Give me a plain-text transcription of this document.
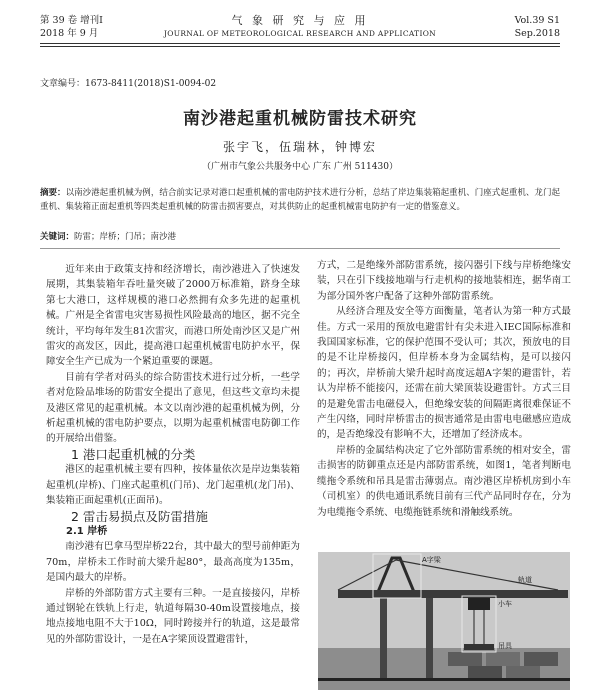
第 39 卷 增刊Ⅰ
2018 年 9 月
气 象 研 究 与 应 用
JOURNAL OF METEOROLOGICAL RESEARCH AND APPLICATION
Vol.39 S1
Sep.2018
文章编号：1673-8411(2018)S1-0094-02
南沙港起重机械防雷技术研究
张宇飞，伍瑞林，钟博宏
（广州市气象公共服务中心 广东 广州 511430）
摘要：以南沙港起重机械为例，结合前实记录对港口起重机械的雷电防护技术进行分析，总结了岸边集装箱起重机、门座式起重机、龙门起重机、集装箱正面起重机等四类起重机械的防雷击损害要点，对其供防止的起重机械雷电防护有一定的借鉴意义。
关键词：防雷；岸桥；门吊；南沙港

近年来由于政策支持和经济增长，南沙港进入了快速发展期，其集装箱年吞吐量突破了2000万标准箱，跻身全球第七大港口，这样规模的港口必然拥有众多先进的起重机械。广州是全省雷电灾害易损性风险最高的地区，据不完全统计，平均每年发生81次雷灾，而港口所处南沙区又是广州雷灾的高发区，因此，提高港口起重机械雷电防护水平，保障安全生产已成为一个紧迫重要的课题。

目前有学者对码头的综合防雷技术进行过分析，一些学者对危险品堆场的防雷安全提出了意见，但这些文章均未提及港区常见的起重机械。本文以南沙港的起重机械为例，分析起重机械的雷电防护要点，以期为起重机械雷电防御工作的开展给出借鉴。

1 港口起重机械的分类

港区的起重机械主要有四种，按体量依次是岸边集装箱起重机(岸桥)、门座式起重机(门吊)、龙门起重机(龙门吊)、集装箱正面起重机(正面吊)。

2 雷击易损点及防雷措施

2.1 岸桥

南沙港有巴拿马型岸桥22台，其中最大的型号前伸距为70m，岸桥未工作时前大梁升起80°，最高高度为135m，是国内最大的岸桥。

岸桥的外部防雷方式主要有三种。一是直接接闪，岸桥通过钢轮在铁轨上行走，轨道每隔30-40m设置接地点，接地点接地电阻不大于10Ω，同时跨接并行的轨道，这是最常见的外部防雷设计，一是在A字梁顶设置避雷针，

方式，二是绝缘外部防雷系统，接闪器引下线与岸桥绝缘安装，只在引下线接地端与行走机构的接地装相连，据华南工为部分国外客户配备了这种外部防雷系统。

从经济合理及安全等方面衡量，笔者认为第一种方式最佳。方式一采用的预放电避雷针有尖未进入IEC国际标准和我国国家标准，它的保护范围不受认可；其次，预放电的目的是不让岸桥接闪，但岸桥本身为金属结构，是可以接闪的；再次，岸桥前大梁升起时高度远超A字架的避雷针，若认为岸桥不能接闪，还需在前大梁顶装设避雷针。方式三目的是避免雷击电磁侵入，但绝缘安装的间隔距离很难保证不产生闪络，同时岸桥雷击的损害通常是由雷电电磁感应造成的，是否绝缘没有影响不大，还增加了经济成本。

岸桥的金属结构决定了它外部防雷系统的相对安全，雷击损害的防御重点还是内部防雷系统，如图1，笔者判断电缆拖令系统和吊具是雷击薄弱点。南沙港区岸桥机房到小车（司机室）的供电通讯系统目前有三代产品同时存在，分为为电缆拖令系统、电缆拖链系统和滑触线系统。

A字梁
小车
吊具
轨道
